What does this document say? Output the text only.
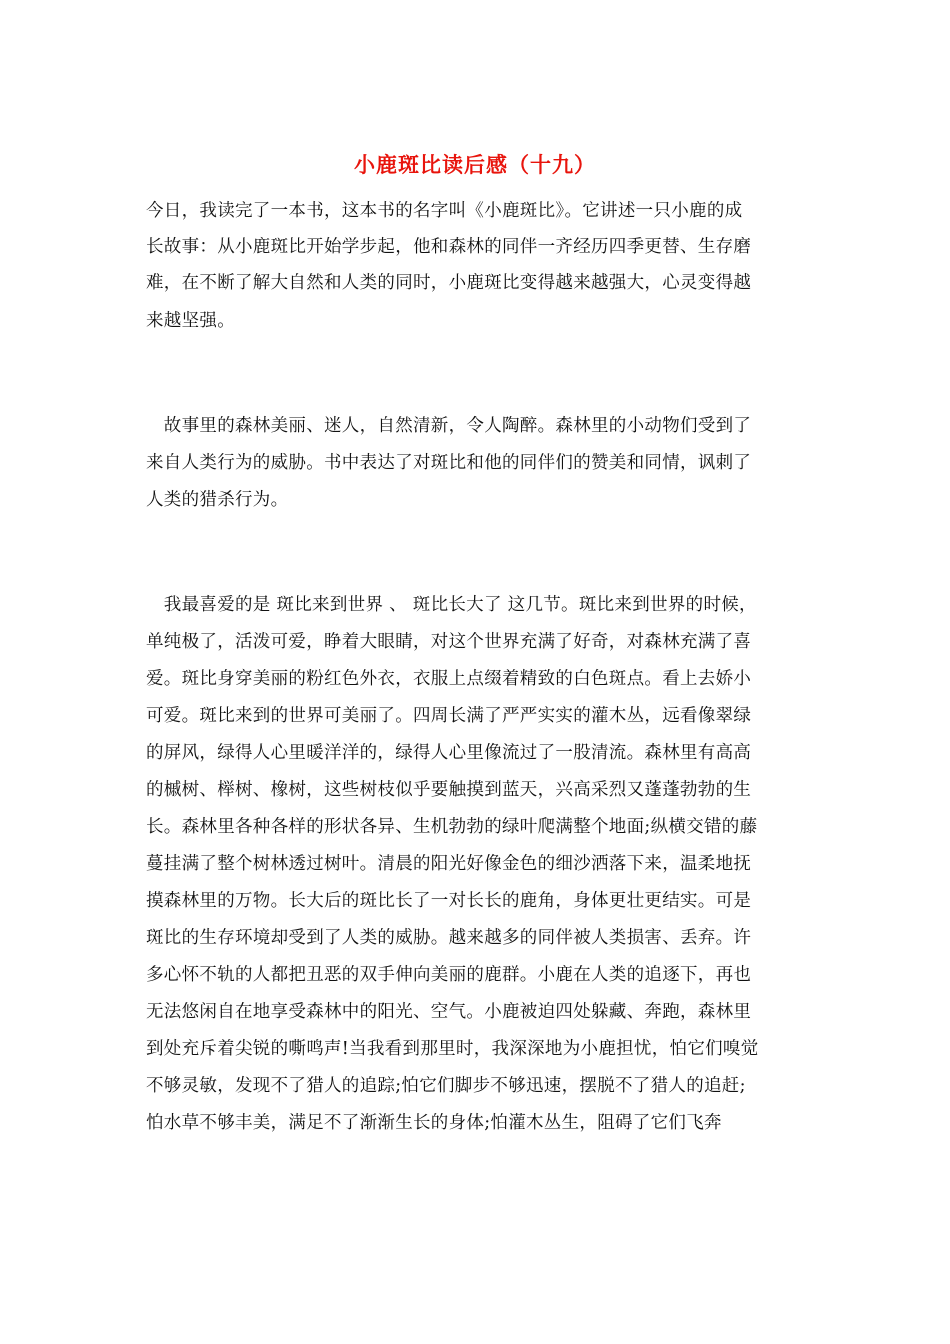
小鹿斑比读后感（十九）
今日，我读完了一本书，这本书的名字叫《小鹿斑比》。它讲述一只小鹿的成
长故事：从小鹿斑比开始学步起，他和森林的同伴一齐经历四季更替、生存磨
难，在不断了解大自然和人类的同时，小鹿斑比变得越来越强大，心灵变得越
来越坚强。
　故事里的森林美丽、迷人，自然清新，令人陶醉。森林里的小动物们受到了
来自人类行为的威胁。书中表达了对斑比和他的同伴们的赞美和同情，讽刺了
人类的猎杀行为。
　我最喜爱的是 斑比来到世界 、 斑比长大了 这几节。斑比来到世界的时候，
单纯极了，活泼可爱，睁着大眼睛，对这个世界充满了好奇，对森林充满了喜
爱。斑比身穿美丽的粉红色外衣，衣服上点缀着精致的白色斑点。看上去娇小
可爱。斑比来到的世界可美丽了。四周长满了严严实实的灌木丛，远看像翠绿
的屏风，绿得人心里暖洋洋的，绿得人心里像流过了一股清流。森林里有高高
的槭树、榉树、橡树，这些树枝似乎要触摸到蓝天，兴高采烈又蓬蓬勃勃的生
长。森林里各种各样的形状各异、生机勃勃的绿叶爬满整个地面;纵横交错的藤
蔓挂满了整个树林透过树叶。清晨的阳光好像金色的细沙洒落下来，温柔地抚
摸森林里的万物。长大后的斑比长了一对长长的鹿角，身体更壮更结实。可是
斑比的生存环境却受到了人类的威胁。越来越多的同伴被人类损害、丢弃。许
多心怀不轨的人都把丑恶的双手伸向美丽的鹿群。小鹿在人类的追逐下，再也
无法悠闲自在地享受森林中的阳光、空气。小鹿被迫四处躲藏、奔跑，森林里
到处充斥着尖锐的嘶鸣声!当我看到那里时，我深深地为小鹿担忧，怕它们嗅觉
不够灵敏，发现不了猎人的追踪;怕它们脚步不够迅速，摆脱不了猎人的追赶;
怕水草不够丰美，满足不了渐渐生长的身体;怕灌木丛生，阻碍了它们飞奔
